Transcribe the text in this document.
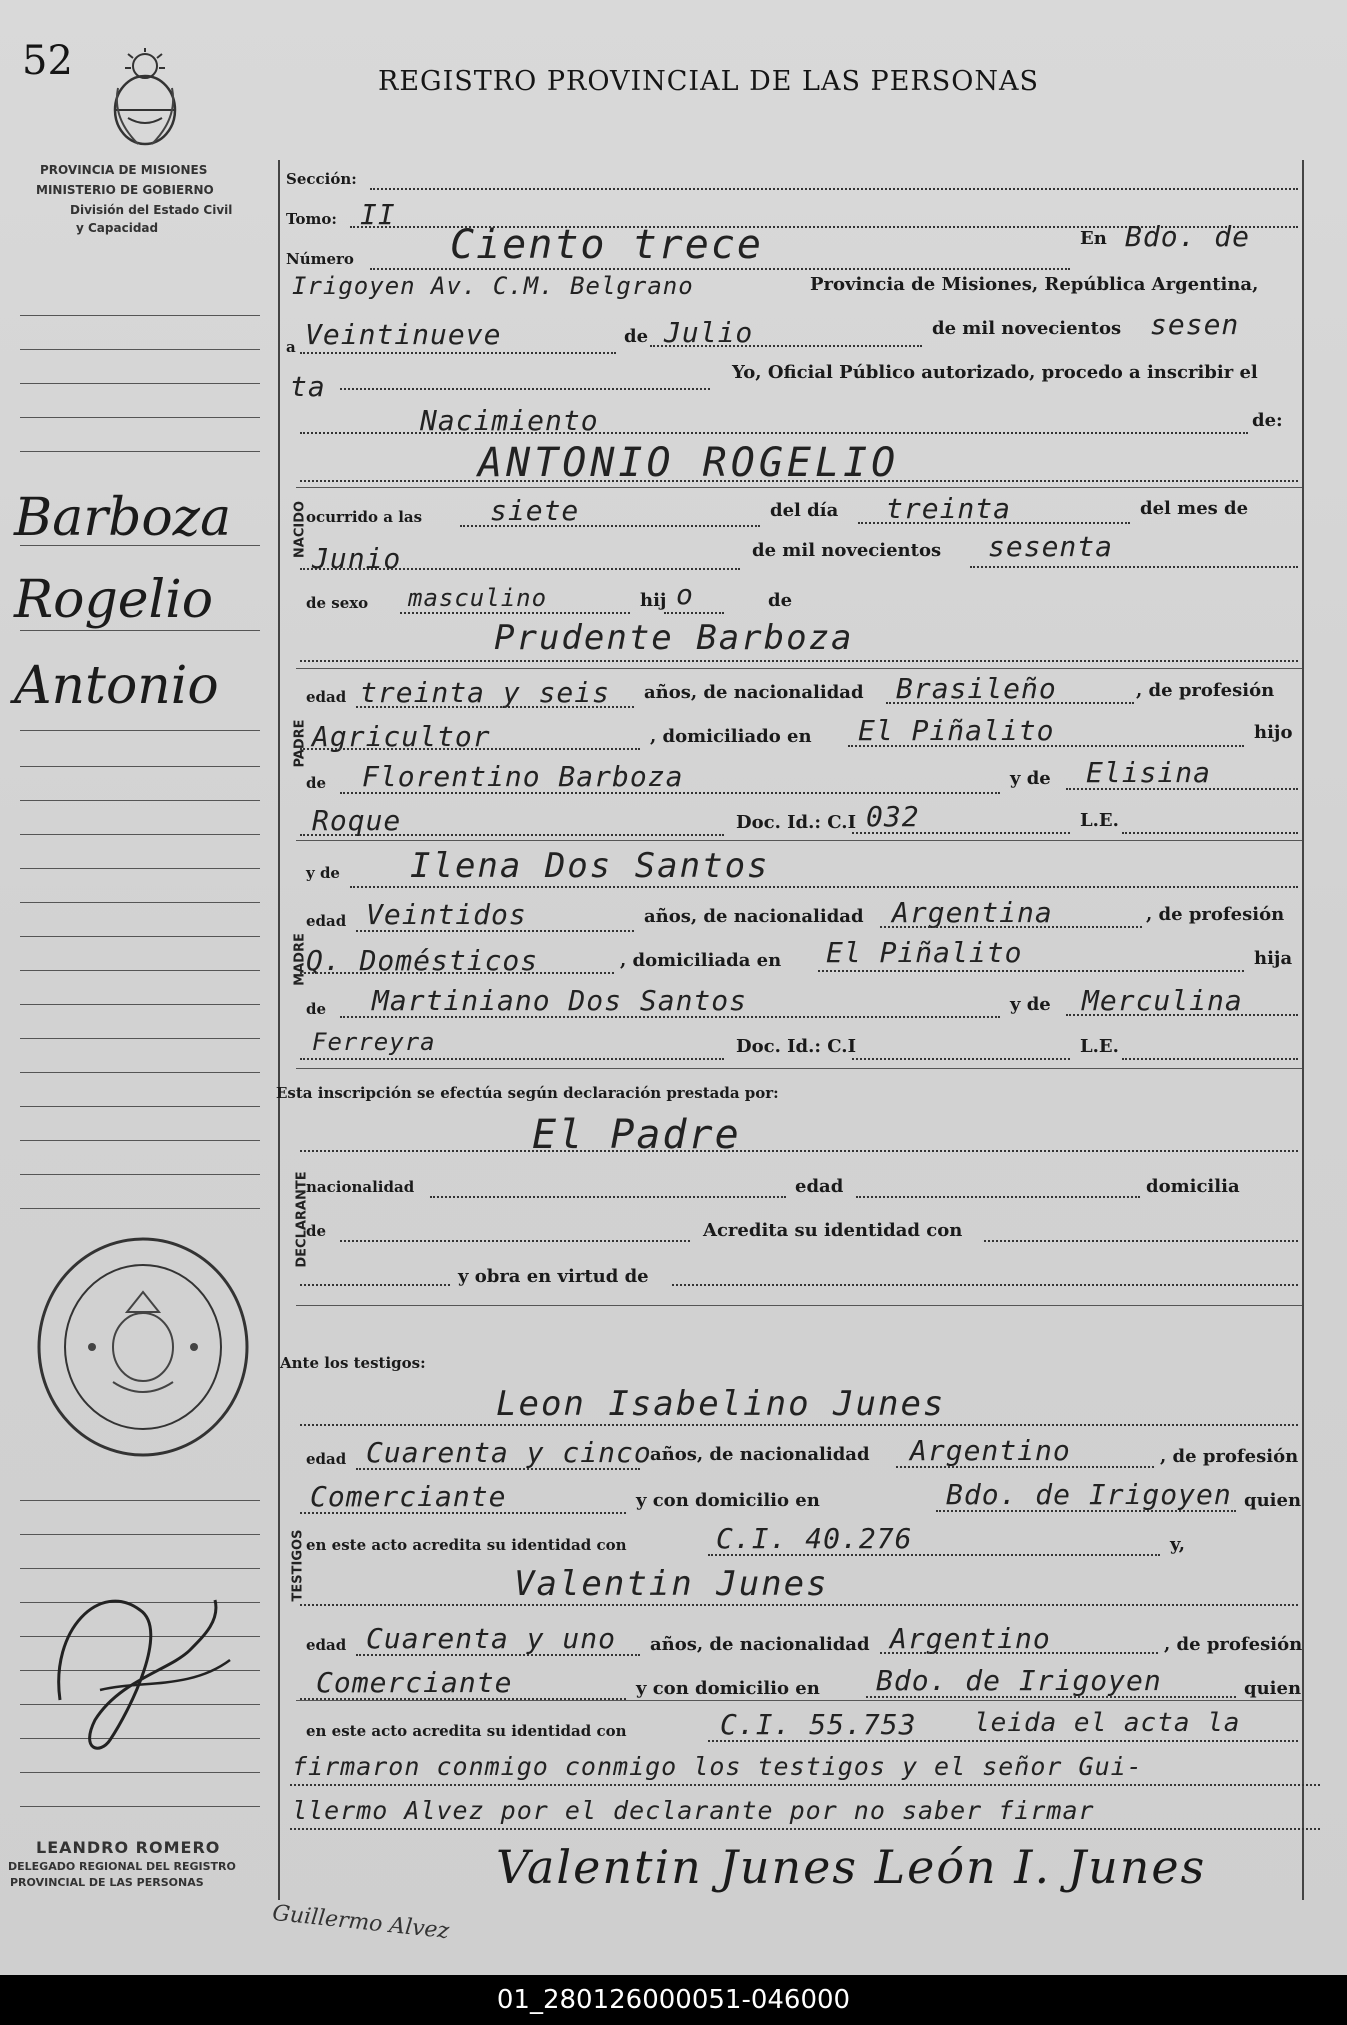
52	REGISTRO PROVINCIAL DE LAS PERSONAS
PROVINCIA DE MISIONES
MINISTERIO DE GOBIERNO
División del Estado Civil
y Capacidad
Barboza
Rogelio
Antonio
NACIDO
PADRE
MADRE
DECLARANTE
TESTIGOS
Sección:
Tomo: II
Número Ciento trece	En Bdo. de
Irigoyen Av. C.M. Belgrano	Provincia de Misiones, República Argentina,
a Veintinueve	de Julio	de mil novecientos sesen
ta	Yo, Oficial Público autorizado, procedo a inscribir el
Nacimiento	de:
ANTONIO ROGELIO
ocurrido a las siete	del día treinta	del mes de
Junio	de mil novecientos sesenta
de sexo masculino	hij o	de
Prudente Barboza
edad treinta y seis años, de nacionalidad Brasileño	, de profesión
Agricultor	, domiciliado en El Piñalito	hijo
de Florentino Barboza	y de Elisina
Roque	Doc. Id.: C.I 032	L.E.
y de Ilena Dos Santos
edad Veintidos	años, de nacionalidad Argentina	, de profesión
Q. Domésticos	, domiciliada en El Piñalito	hija
de Martiniano Dos Santos	y de Merculina
Ferreyra	Doc. Id.: C.I	L.E.
Esta inscripción se efectúa según declaración prestada por:
El Padre
nacionalidad	edad	domicilia
de	Acredita su identidad con
y obra en virtud de
Ante los testigos:
Leon Isabelino Junes
edad Cuarenta y cinco
años, de nacionalidad Argentino	, de profesión
Comerciante	y con domicilio en	Bdo. de Irigoyen quien
en este acto acredita su identidad con	C.I. 40.276	y,
Valentin Junes
edad Cuarenta y uno años, de nacionalidad Argentino	, de profesión
Comerciante	y con domicilio en Bdo. de Irigoyen	quien
en este acto acredita su identidad con	C.I. 55.753 leida el acta la
firmaron conmigo conmigo los testigos y el señor Gui-
llermo Alvez por el declarante por no saber firmar
Valentin Junes León I. Junes
Guillermo Alvez
LEANDRO ROMERO
DELEGADO REGIONAL DEL REGISTRO
PROVINCIAL DE LAS PERSONAS
01_280126000051-046000
